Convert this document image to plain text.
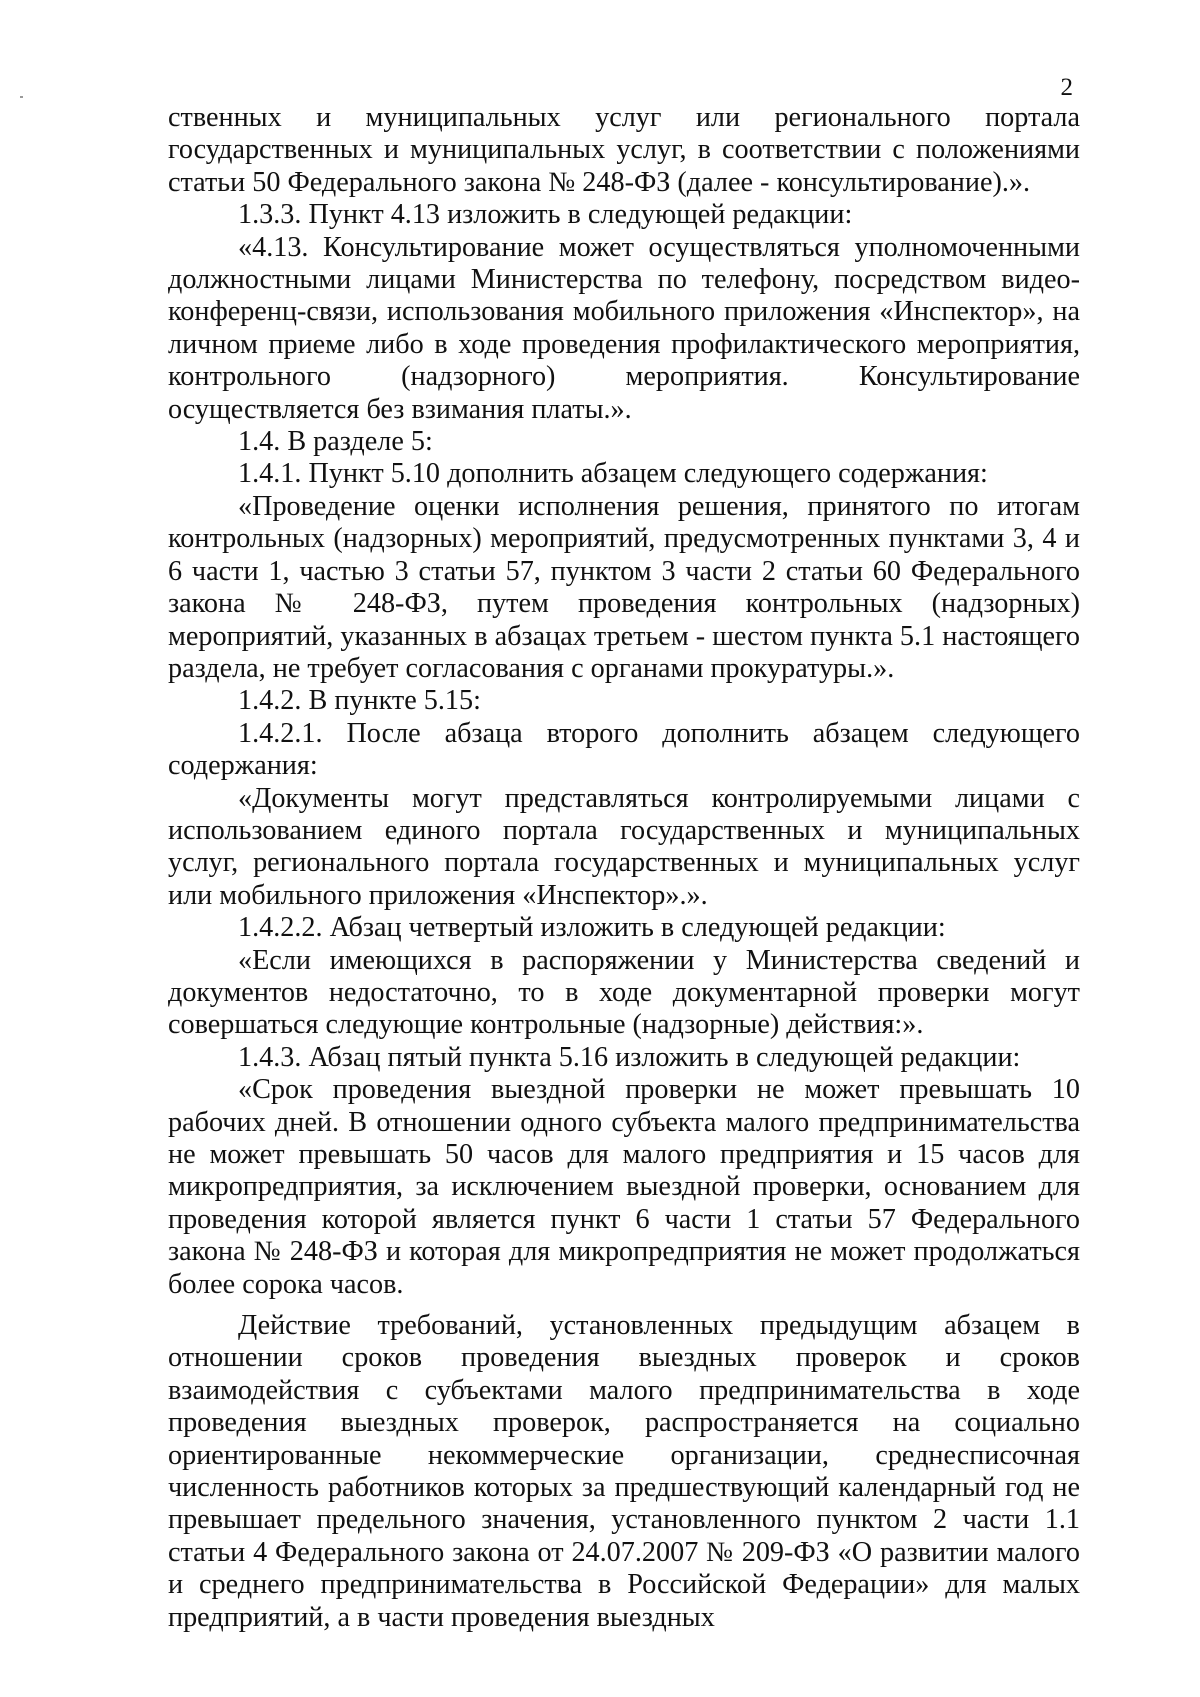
2

ственных и муниципальных услуг или регионального портала государственных и муниципальных услуг, в соответствии с положениями статьи 50 Федерального закона № 248-ФЗ (далее - консультирование).».

1.3.3. Пункт 4.13 изложить в следующей редакции:

«4.13. Консультирование может осуществляться уполномоченными должностными лицами Министерства по телефону, посредством видео-конференц-связи, использования мобильного приложения «Инспектор», на личном приеме либо в ходе проведения профилактического мероприятия, контрольного (надзорного) мероприятия. Консультирование осуществляется без взимания платы.».

1.4. В разделе 5:

1.4.1. Пункт 5.10 дополнить абзацем следующего содержания:

«Проведение оценки исполнения решения, принятого по итогам контрольных (надзорных) мероприятий, предусмотренных пунктами 3, 4 и 6 части 1, частью 3 статьи 57, пунктом 3 части 2 статьи 60 Федерального закона № 248-ФЗ, путем проведения контрольных (надзорных) мероприятий, указанных в абзацах третьем - шестом пункта 5.1 настоящего раздела, не требует согласования с органами прокуратуры.».

1.4.2. В пункте 5.15:

1.4.2.1. После абзаца второго дополнить абзацем следующего содержания:

«Документы могут представляться контролируемыми лицами с использованием единого портала государственных и муниципальных услуг, регионального портала государственных и муниципальных услуг или мобильного приложения «Инспектор».».

1.4.2.2. Абзац четвертый изложить в следующей редакции:

«Если имеющихся в распоряжении у Министерства сведений и документов недостаточно, то в ходе документарной проверки могут совершаться следующие контрольные (надзорные) действия:».

1.4.3. Абзац пятый пункта 5.16 изложить в следующей редакции:

«Срок проведения выездной проверки не может превышать 10 рабочих дней. В отношении одного субъекта малого предпринимательства не может превышать 50 часов для малого предприятия и 15 часов для микропредприятия, за исключением выездной проверки, основанием для проведения которой является пункт 6 части 1 статьи 57 Федерального закона № 248-ФЗ и которая для микропредприятия не может продолжаться более сорока часов.

Действие требований, установленных предыдущим абзацем в отношении сроков проведения выездных проверок и сроков взаимодействия с субъектами малого предпринимательства в ходе проведения выездных проверок, распространяется на социально ориентированные некоммерческие организации, среднесписочная численность работников которых за предшествующий календарный год не превышает предельного значения, установленного пунктом 2 части 1.1 статьи 4 Федерального закона от 24.07.2007 № 209-ФЗ «О развитии малого и среднего предпринимательства в Российской Федерации» для малых предприятий, а в части проведения выездных
